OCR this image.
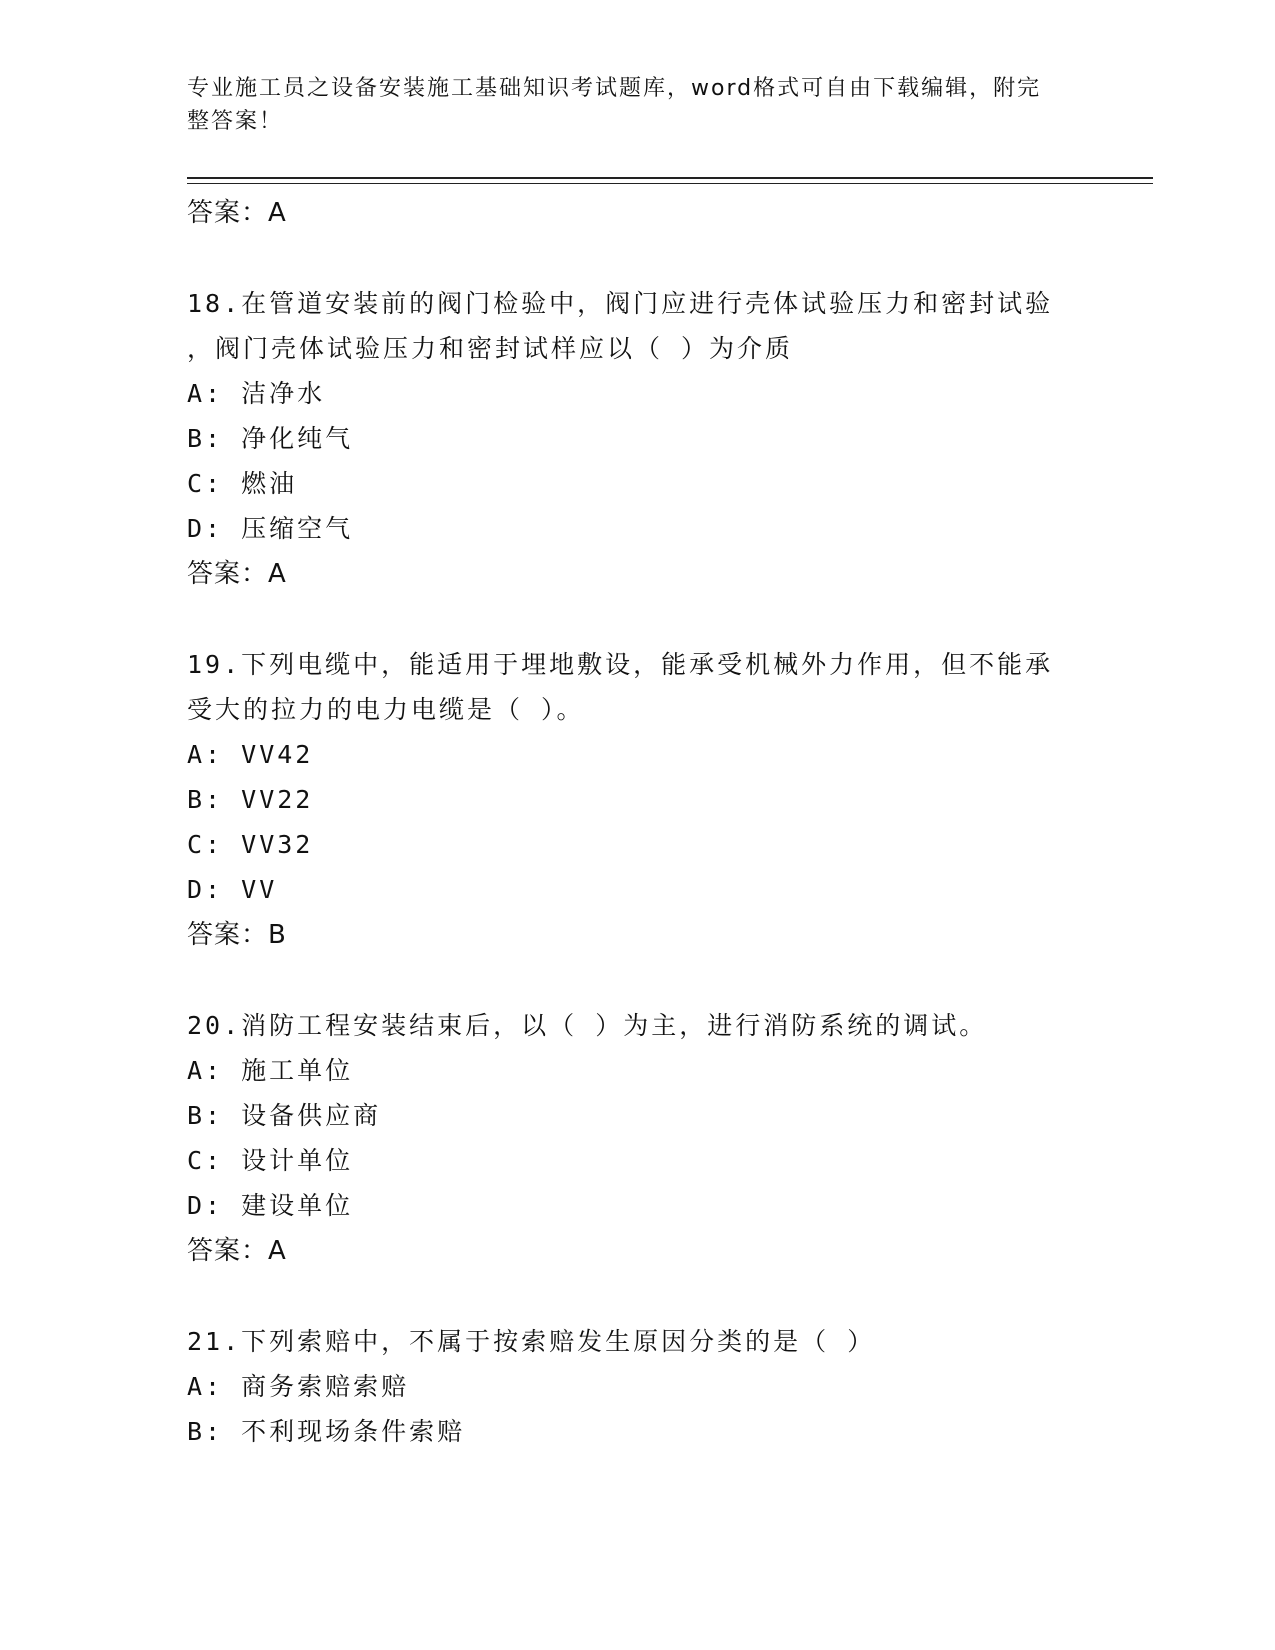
专业施工员之设备安装施工基础知识考试题库，word格式可自由下载编辑，附完
整答案！
答案：A
18.在管道安装前的阀门检验中，阀门应进行壳体试验压力和密封试验
，阀门壳体试验压力和密封试样应以（ ）为介质
A: 洁净水
B: 净化纯气
C: 燃油
D: 压缩空气
答案：A
19.下列电缆中，能适用于埋地敷设，能承受机械外力作用，但不能承
受大的拉力的电力电缆是（ ）。
A: VV42
B: VV22
C: VV32
D: VV
答案：B
20.消防工程安装结束后，以（ ）为主，进行消防系统的调试。
A: 施工单位
B: 设备供应商
C: 设计单位
D: 建设单位
答案：A
21.下列索赔中，不属于按索赔发生原因分类的是（ ）
A: 商务索赔索赔
B: 不利现场条件索赔
